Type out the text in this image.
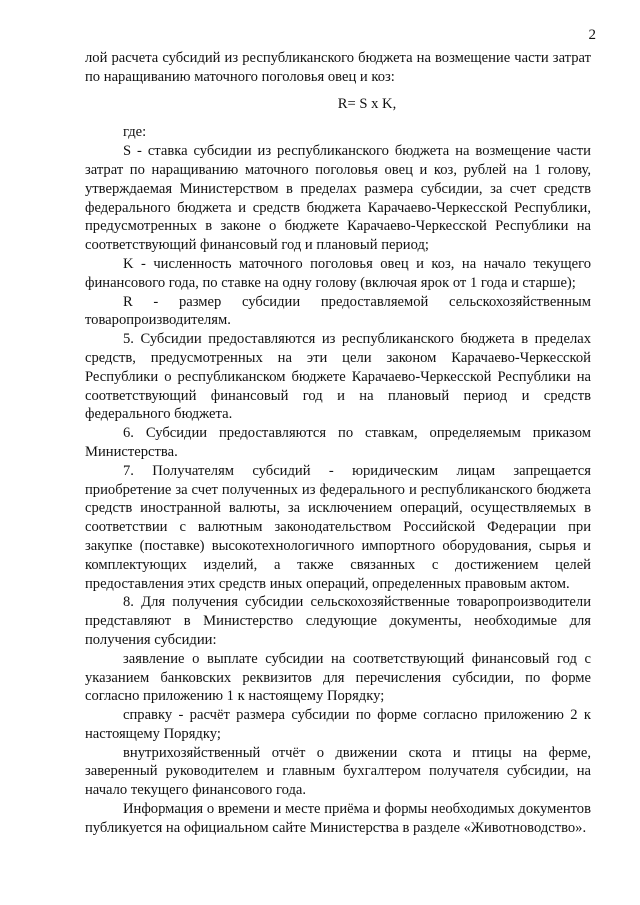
2

лой расчета субсидий из республиканского бюджета на возмещение части затрат по наращиванию маточного поголовья овец и коз:

R= S x K,

где:

S - ставка субсидии из республиканского бюджета на возмещение части затрат по наращиванию маточного поголовья овец и коз, рублей на 1 голову, утверждаемая Министерством в пределах размера субсидии, за счет средств федерального бюджета и средств бюджета Карачаево-Черкесской Республики, предусмотренных в законе о бюджете Карачаево-Черкесской Республики на соответствующий финансовый год и плановый период;

K - численность маточного поголовья овец и коз, на начало текущего финансового года, по ставке на одну голову (включая ярок от 1 года и старше);

R - размер субсидии предоставляемой сельскохозяйственным товаропроизводителям.

5. Субсидии предоставляются из республиканского бюджета в пределах средств, предусмотренных на эти цели законом Карачаево-Черкесской Республики о республиканском бюджете Карачаево-Черкесской Республики на соответствующий финансовый год и на плановый период и средств федерального бюджета.

6. Субсидии предоставляются по ставкам, определяемым приказом Министерства.

7. Получателям субсидий - юридическим лицам запрещается приобретение за счет полученных из федерального и республиканского бюджета средств иностранной валюты, за исключением операций, осуществляемых в соответствии с валютным законодательством Российской Федерации при закупке (поставке) высокотехнологичного импортного оборудования, сырья и комплектующих изделий, а также связанных с достижением целей предоставления этих средств иных операций, определенных правовым актом.

8. Для получения субсидии сельскохозяйственные товаропроизводители представляют в Министерство следующие документы, необходимые для получения субсидии:

заявление о выплате субсидии на соответствующий финансовый год с указанием банковских реквизитов для перечисления субсидии, по форме согласно приложению 1 к настоящему Порядку;

справку - расчёт размера субсидии по форме согласно приложению 2 к настоящему Порядку;

внутрихозяйственный отчёт о движении скота и птицы на ферме, заверенный руководителем и главным бухгалтером получателя субсидии, на начало текущего финансового года.

Информация о времени и месте приёма и формы необходимых документов публикуется на официальном сайте Министерства в разделе «Животноводство».
